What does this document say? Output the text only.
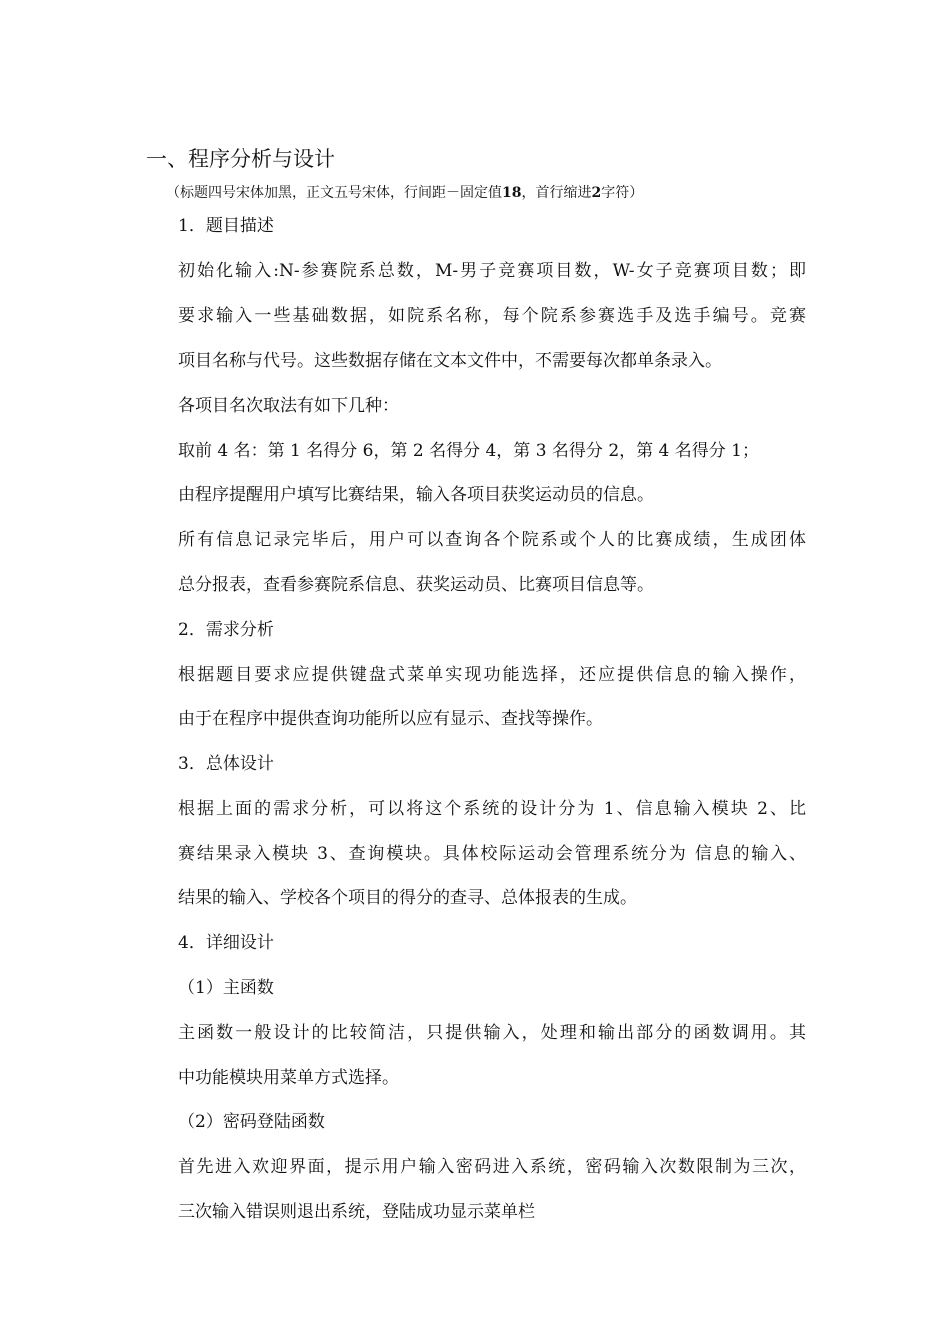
一、程序分析与设计
（标题四号宋体加黑，正文五号宋体，行间距－固定值18，首行缩进2字符）
1．题目描述
初始化输入:N-参赛院系总数，M-男子竞赛项目数，W-女子竞赛项目数；即
要求输入一些基础数据，如院系名称，每个院系参赛选手及选手编号。竞赛
项目名称与代号。这些数据存储在文本文件中，不需要每次都单条录入。
各项目名次取法有如下几种：
取前 4 名：第 1 名得分 6，第 2 名得分 4，第 3 名得分 2，第 4 名得分 1；
由程序提醒用户填写比赛结果，输入各项目获奖运动员的信息。
所有信息记录完毕后，用户可以查询各个院系或个人的比赛成绩，生成团体
总分报表，查看参赛院系信息、获奖运动员、比赛项目信息等。
2．需求分析
根据题目要求应提供键盘式菜单实现功能选择，还应提供信息的输入操作，
由于在程序中提供查询功能所以应有显示、查找等操作。
3．总体设计
根据上面的需求分析，可以将这个系统的设计分为 1、信息输入模块 2、比
赛结果录入模块 3、查询模块。具体校际运动会管理系统分为 信息的输入、
结果的输入、学校各个项目的得分的查寻、总体报表的生成。
4．详细设计
（1）主函数
主函数一般设计的比较简洁，只提供输入，处理和输出部分的函数调用。其
中功能模块用菜单方式选择。
（2）密码登陆函数
首先进入欢迎界面，提示用户输入密码进入系统，密码输入次数限制为三次，
三次输入错误则退出系统，登陆成功显示菜单栏
